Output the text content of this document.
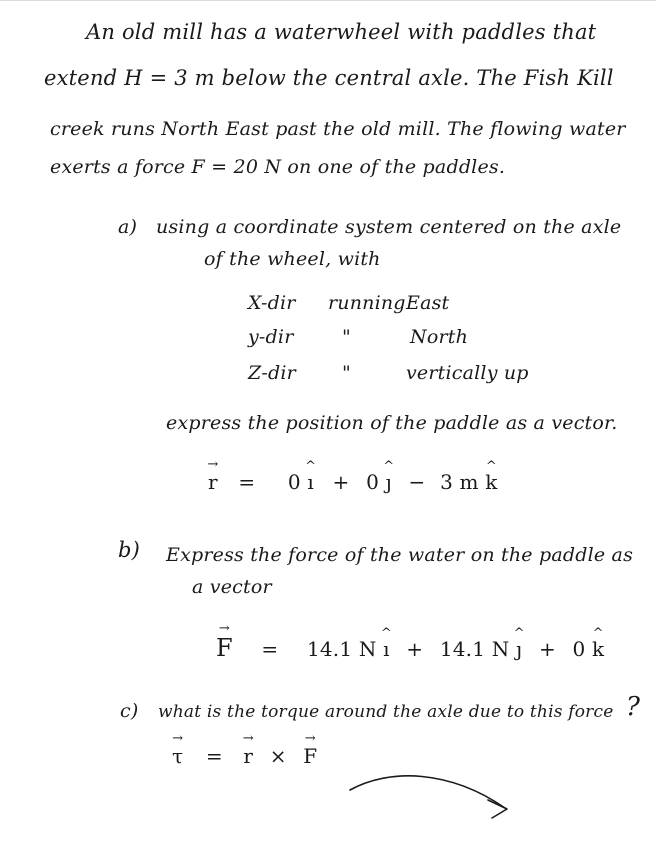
An old mill has a waterwheel with paddles that
extend H = 3 m below the central axle. The Fish Kill
creek runs North East past the old mill. The flowing water
exerts a force F = 20 N on one of the paddles.
a) using a coordinate system centered on the axle
of the wheel, with
X-dir running East
y-dir	"	North
Z-dir "	vertically up
express the position of the paddle as a vector.
→ r = 0 ^ ı + 0 ^ ȷ − 3 m ^ k
b) Express the force of the water on the paddle as
a vector
→ F = 14.1 N ^ ı + 14.1 N ^ ȷ + 0 ^ k
c) what is the torque around the axle due to this force ?
→ τ = → r × → F
